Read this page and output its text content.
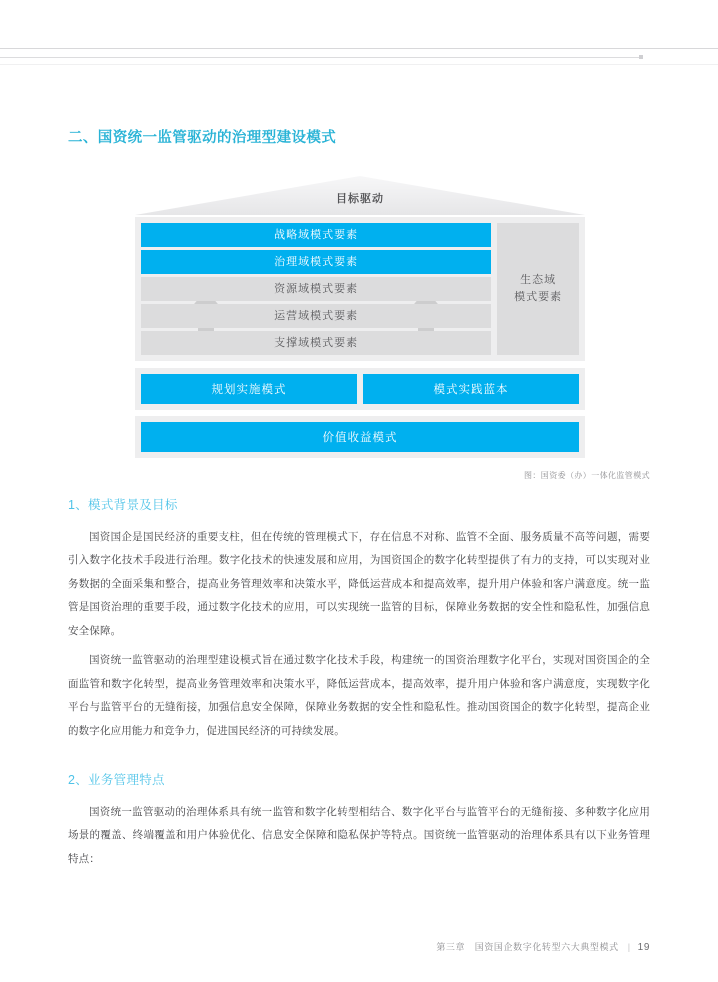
二、国资统一监管驱动的治理型建设模式
目标驱动
战略域模式要素
治理域模式要素
资源域模式要素
运营域模式要素
支撑域模式要素
生态域
模式要素
规划实施模式	模式实践蓝本
价值收益模式
图：国资委（办）一体化监管模式
1、模式背景及目标

国资国企是国民经济的重要支柱，但在传统的管理模式下，存在信息不对称、监管不全面、服务质量不高等问题，需要引入数字化技术手段进行治理。数字化技术的快速发展和应用，为国资国企的数字化转型提供了有力的支持，可以实现对业务数据的全面采集和整合，提高业务管理效率和决策水平，降低运营成本和提高效率，提升用户体验和客户满意度。统一监管是国资治理的重要手段，通过数字化技术的应用，可以实现统一监管的目标，保障业务数据的安全性和隐私性，加强信息安全保障。

国资统一监管驱动的治理型建设模式旨在通过数字化技术手段，构建统一的国资治理数字化平台，实现对国资国企的全面监管和数字化转型，提高业务管理效率和决策水平，降低运营成本，提高效率，提升用户体验和客户满意度，实现数字化平台与监管平台的无缝衔接，加强信息安全保障，保障业务数据的安全性和隐私性。推动国资国企的数字化转型，提高企业的数字化应用能力和竞争力，促进国民经济的可持续发展。

2、业务管理特点

国资统一监管驱动的治理体系具有统一监管和数字化转型相结合、数字化平台与监管平台的无缝衔接、多种数字化应用场景的覆盖、终端覆盖和用户体验优化、信息安全保障和隐私保护等特点。国资统一监管驱动的治理体系具有以下业务管理特点：

第三章　国资国企数字化转型六大典型模式 | 19
